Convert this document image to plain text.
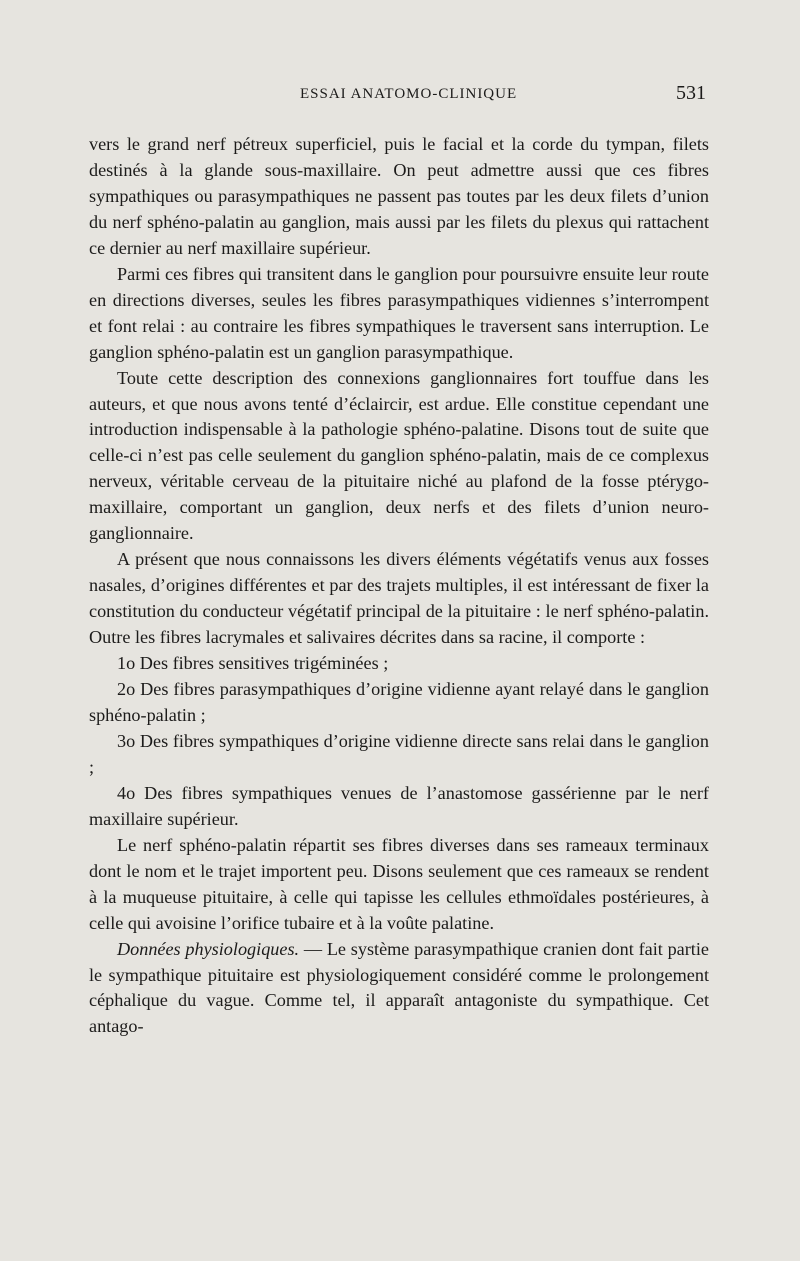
ESSAI ANATOMO-CLINIQUE	531

vers le grand nerf pétreux superficiel, puis le facial et la corde du tympan, filets destinés à la glande sous-maxillaire. On peut admettre aussi que ces fibres sympathiques ou parasympathiques ne passent pas toutes par les deux filets d’union du nerf sphéno-palatin au ganglion, mais aussi par les filets du plexus qui rattachent ce dernier au nerf maxillaire supérieur.

Parmi ces fibres qui transitent dans le ganglion pour poursuivre ensuite leur route en directions diverses, seules les fibres parasympathiques vidiennes s’interrompent et font relai : au contraire les fibres sympathiques le traversent sans interruption. Le ganglion sphéno-palatin est un ganglion parasympathique.

Toute cette description des connexions ganglionnaires fort touffue dans les auteurs, et que nous avons tenté d’éclaircir, est ardue. Elle constitue cependant une introduction indispensable à la pathologie sphéno-palatine. Disons tout de suite que celle-ci n’est pas celle seulement du ganglion sphéno-palatin, mais de ce complexus nerveux, véritable cerveau de la pituitaire niché au plafond de la fosse ptérygo-maxillaire, comportant un ganglion, deux nerfs et des filets d’union neuro-ganglionnaire.

A présent que nous connaissons les divers éléments végétatifs venus aux fosses nasales, d’origines différentes et par des trajets multiples, il est intéressant de fixer la constitution du conducteur végétatif principal de la pituitaire : le nerf sphéno-palatin. Outre les fibres lacrymales et salivaires décrites dans sa racine, il comporte :

1o Des fibres sensitives trigéminées ;

2o Des fibres parasympathiques d’origine vidienne ayant relayé dans le ganglion sphéno-palatin ;

3o Des fibres sympathiques d’origine vidienne directe sans relai dans le ganglion ;

4o Des fibres sympathiques venues de l’anastomose gassérienne par le nerf maxillaire supérieur.

Le nerf sphéno-palatin répartit ses fibres diverses dans ses rameaux terminaux dont le nom et le trajet importent peu. Disons seulement que ces rameaux se rendent à la muqueuse pituitaire, à celle qui tapisse les cellules ethmoïdales postérieures, à celle qui avoisine l’orifice tubaire et à la voûte palatine.

Données physiologiques. — Le système parasympathique cranien dont fait partie le sympathique pituitaire est physiologiquement considéré comme le prolongement céphalique du vague. Comme tel, il apparaît antagoniste du sympathique. Cet antago-
